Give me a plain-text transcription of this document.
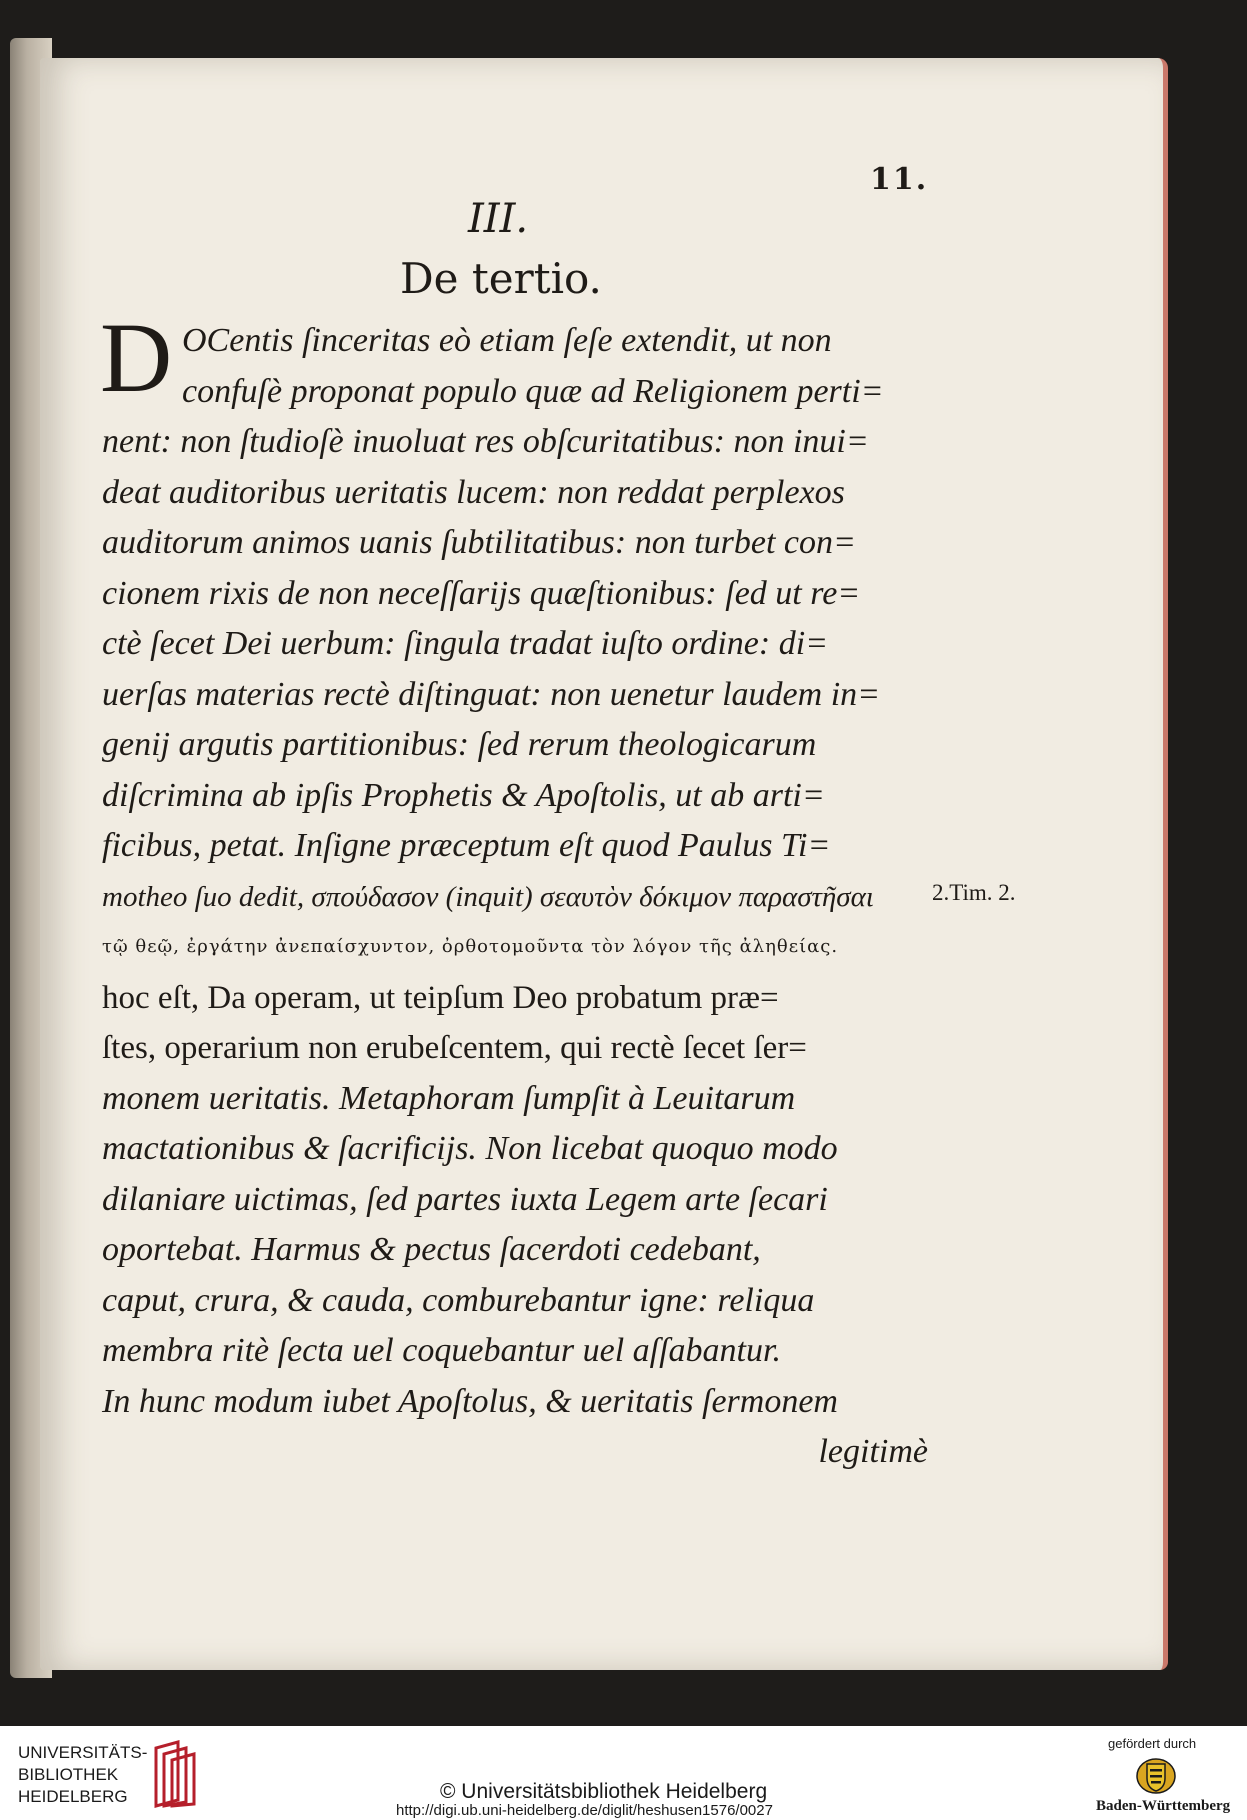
11.
III.
De tertio.
D OCentis ſinceritas eò etiam ſeſe extendit, ut non
confuſè proponat populo quæ ad Religionem perti=
nent: non ſtudioſè inuoluat res obſcuritatibus: non inui=
deat auditoribus ueritatis lucem: non reddat perplexos
auditorum animos uanis ſubtilitatibus: non turbet con=
cionem rixis de non neceſſarijs quæſtionibus: ſed ut re=
ctè ſecet Dei uerbum: ſingula tradat iuſto ordine: di=
uerſas materias rectè diſtinguat: non uenetur laudem in=
genij argutis partitionibus: ſed rerum theologicarum
diſcrimina ab ipſis Prophetis & Apoſtolis, ut ab arti=
ficibus, petat. Inſigne præceptum eſt quod Paulus Ti=
motheo ſuo dedit, σπούδασον (inquit) σεαυτὸν δόκιμον παραστῆσαι
τῷ θεῷ, ἐργάτην ἀνεπαίσχυντον, ὀρθοτομοῦντα τὸν λόγον τῆς ἀληθείας.
hoc eſt, Da operam, ut teipſum Deo probatum præ=
ſtes, operarium non erubeſcentem, qui rectè ſecet ſer=
monem ueritatis. Metaphoram ſumpſit à Leuitarum
mactationibus & ſacrificijs. Non licebat quoquo modo
dilaniare uictimas, ſed partes iuxta Legem arte ſecari
oportebat. Harmus & pectus ſacerdoti cedebant,
caput, crura, & cauda, comburebantur igne: reliqua
membra ritè ſecta uel coquebantur uel aſſabantur.
In hunc modum iubet Apoſtolus, & ueritatis ſermonem
legitimè
2.Tim. 2.
UNIVERSITÄTS-
BIBLIOTHEK
HEIDELBERG	© Universitätsbibliothek Heidelberg
http://digi.ub.uni-heidelberg.de/diglit/heshusen1576/0027
gefördert durch
Baden-Württemberg
